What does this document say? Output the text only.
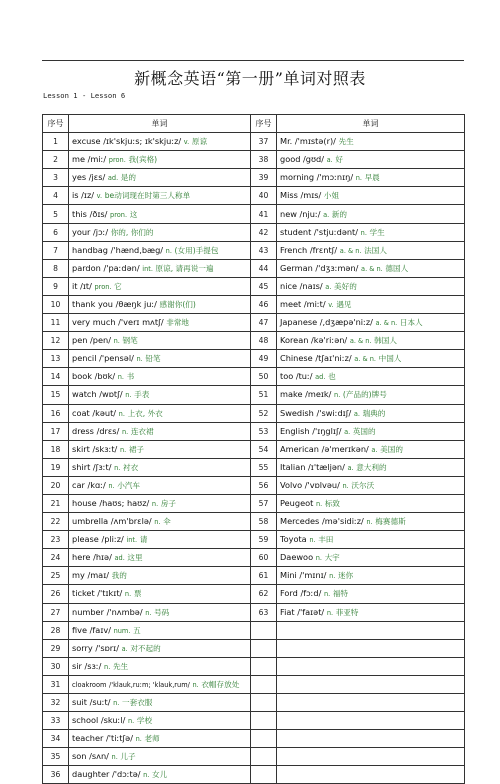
新概念英语“第一册”单词对照表
Lesson 1 - Lesson 6
序号	单词	序号	单词
1	excuse /ɪk'skjuːs; ɪk'skjuːz/ v. 原谅	37	Mr. /'mɪstə(r)/ 先生
2	me /miː/ pron. 我(宾格)	38	good /gʊd/ a. 好
3	yes /jɛs/ ad. 是的	39	morning /'mɔːnɪŋ/ n. 早晨
4	is /ɪz/ v. be动词现在时第三人称单	40	Miss /mɪs/ 小姐
5	this /ðɪs/ pron. 这	41	new /njuː/ a. 新的
6	your /jɔː/ 你的, 你们的	42	student /'stjuːdənt/ n. 学生
7	handbag /'hænd,bæg/ n. (女用)手提包	43	French /frɛntʃ/ a. & n. 法国人
8	pardon /'paːdən/ int. 原谅, 请再说一遍	44	German /'dʒɜːmən/ a. & n. 德国人
9	it /ɪt/ pron. 它	45	nice /naɪs/ a. 美好的
10	thank you /θæŋk juː/ 感谢你(们)	46	meet /miːt/ v. 遇见
11	very much /'verɪ mʌtʃ/ 非常地	47	Japanese /,dʒæpə'niːz/ a. & n. 日本人
12	pen /pen/ n. 钢笔	48	Korean /kə'riːən/ a. & n. 韩国人
13	pencil /'pensəl/ n. 铅笔	49	Chinese /tʃaɪ'niːz/ a. & n. 中国人
14	book /bʊk/ n. 书	50	too /tuː/ ad. 也
15	watch /wɒtʃ/ n. 手表	51	make /meɪk/ n. (产品的)牌号
16	coat /kəut/ n. 上衣, 外衣	52	Swedish /'swiːdɪʃ/ a. 瑞典的
17	dress /drɛs/ n. 连衣裙	53	English /'ɪŋglɪʃ/ a. 英国的
18	skirt /skɜːt/ n. 裙子	54	American /ə'merɪkən/ a. 美国的
19	shirt /ʃɜːt/ n. 衬衣	55	Italian /ɪ'tæljən/ a. 意大利的
20	car /kɑː/ n. 小汽车	56	Volvo /'vɒlvəu/ n. 沃尔沃
21	house /haʊs; haʊz/ n. 房子	57	Peugeot n. 标致
22	umbrella /ʌm'brɛlə/ n. 伞	58	Mercedes /mə'sidiːz/ n. 梅赛德斯
23	please /pliːz/ int. 请	59	Toyota n. 丰田
24	here /hɪə/ ad. 这里	60	Daewoo n. 大宇
25	my /maɪ/ 我的	61	Mini /'mɪnɪ/ n. 迷你
26	ticket /'tɪkɪt/ n. 票	62	Ford /fɔːd/ n. 福特
27	number /'nʌmbə/ n. 号码	63	Fiat /'faɪət/ n. 菲亚特
28	five /faɪv/ num. 五		
29	sorry /'sɒrɪ/ a. 对不起的		
30	sir /sɜː/ n. 先生		
31	cloakroom /'klauk,ruːm; 'klauk,rum/ n. 衣帽存放处		
32	suit /suːt/ n. 一套衣服		
33	school /skuːl/ n. 学校		
34	teacher /'tiːtʃə/ n. 老师		
35	son /sʌn/ n. 儿子		
36	daughter /'dɔːtə/ n. 女儿		
